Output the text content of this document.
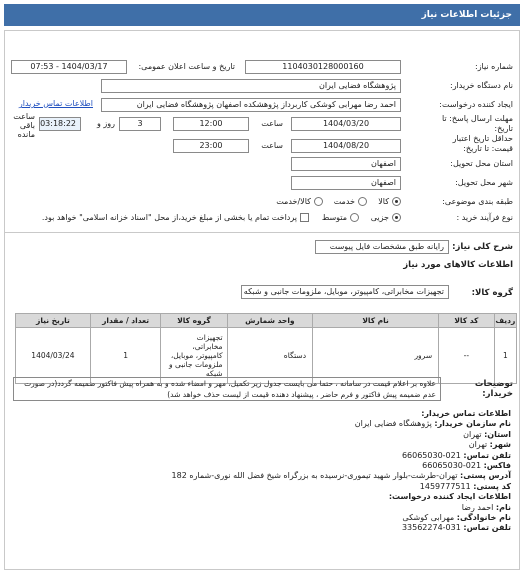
جزئیات اطلاعات نیاز
شماره نیاز:
1104030128000160
تاریخ و ساعت اعلان عمومی:
1404/03/17 - 07:53
نام دستگاه خریدار:
پژوهشگاه فضایی ایران
ایجاد کننده درخواست:
احمد رضا مهرابی کوشکی کاربرداز پژوهشکده اصفهان پژوهشگاه فضایی ایران
اطلاعات تماس خریدار
مهلت ارسال پاسخ: تا
تاریخ:
1404/03/20
ساعت
12:00
3
روز و
03:18:22
ساعت باقی مانده	حداقل تاریخ اعتبار
قیمت: تا تاریخ:
1404/08/20
ساعت
23:00
استان محل تحویل:
اصفهان
شهر محل تحویل:
اصفهان
طبقه بندی موضوعی:
کالا
خدمت
کالا/خدمت
نوع فرآیند خرید :
جزیی
متوسط
پرداخت تمام یا بخشی از مبلغ خرید،از محل "اسناد خزانه اسلامی" خواهد بود.
شرح کلی نیاز:
رایانه طبق مشخصات فایل پیوست
اطلاعات کالاهای مورد نیاز
گروه کالا:
تجهیزات مخابراتی، کامپیوتر، موبایل، ملزومات جانبی و شبکه
ردیف	کد کالا	نام کالا	واحد شمارش	گروه کالا	تعداد / مقدار	تاریخ نیاز
1	--	سرور	دستگاه	تجهیزات مخابراتی، کامپیوتر، موبایل، ملزومات جانبی و شبکه	1	1404/03/24
توضیحات
خریدار:
علاوه بر اعلام قیمت در سامانه ، حتما می بایست جدول زیر تکمیل، مهر و امضاء شده و به همراه پیش فاکتور ضمیمه گردد(در صورت عدم ضمیمه پیش فاکتور و فرم حاضر ، پیشنهاد دهنده قیمت از لیست حذف خواهد شد)
اطلاعات تماس خریدار:
نام سازمان خریدار: پژوهشگاه فضایی ایران
استان: تهران
شهر: تهران
تلفن تماس: 021-66065030
فاکس: 021-66065030
آدرس پستی: تهران-طرشت-بلوار شهید تیموری-نرسیده به بزرگراه شیخ فضل الله نوری-شماره 182
کد پستی: 1459777511
اطلاعات ایجاد کننده درخواست:
نام: احمد رضا
نام خانوادگی: مهرابی کوشکی
تلفن تماس: 031-33562274
